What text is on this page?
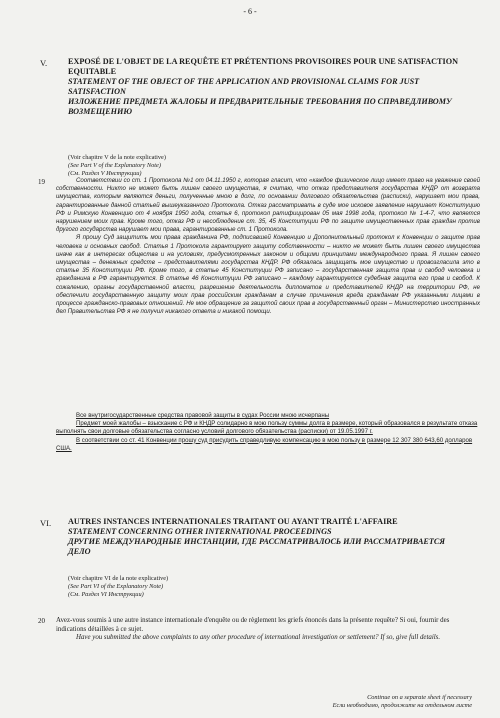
- 6 -
V.	EXPOSÉ DE L'OBJET DE LA REQUÊTE ET PRÉTENTIONS PROVISOIRES POUR UNE SATISFACTION EQUITABLE
STATEMENT OF THE OBJECT OF THE APPLICATION AND PROVISIONAL CLAIMS FOR JUST SATISFACTION
ИЗЛОЖЕНИЕ ПРЕДМЕТА ЖАЛОБЫ И ПРЕДВАРИТЕЛЬНЫЕ ТРЕБОВАНИЯ ПО СПРАВЕДЛИВОМУ ВОЗМЕЩЕНИЮ
(Voir chapitre V de la note explicative)
(See Part V of the Explanatory Note)
(См. Раздел V Инструкции)
19	Соответствии со ст. 1 Протокола №1 от 04.11.1950 г, которая гласит, что «каждое физическое лицо имеет право на уважение своей собственности. Никто не может быть лишен своего имущества, я считаю, что отказ представителя государства КНДР от возврата имущества, которым являются деньги, полученные мною в долг, по основании долгового обязательства (расписки), нарушает мои права, гарантированные данной статьей вышеуказанного Протокола. Отказ рассматривать в суде мое исковое заявление нарушает Конституцию РФ и Римскую Конвенцию от 4 ноября 1950 года, статья 6, протокол ратифицирован 05 мая 1998 года, протокол № 1-4-7, что является нарушением моих прав. Кроме того, отказ РФ и несоблюдение ст. 35, 45 Конституции РФ по защите имущественных прав граждан против другого государства нарушает мои права, гарантированные ст. 1 Протокола.

Я прошу Суд защитить мои права гражданина РФ, подписавшей Конвенцию и Дополнительный протокол к Конвенции о защите прав человека и основных свобод. Статья 1 Протокола гарантирует защиту собственности – никто не может быть лишен своего имущества иначе как в интересах общества и на условиях, предусмотренных законом и общими принципами международного права. Я лишен своего имущества – денежных средств – представителями государства КНДР. РФ обязалась защищать мое имущество и провозгласила это в статье 35 Конституции РФ. Кроме того, в статье 45 Конституции РФ записано – государственная защита прав и свобод человека и гражданина в РФ гарантируется. В статье 46 Конституции РФ записано – каждому гарантируется судебная защита его прав и свобод. К сожалению, органы государственной власти, разрешение деятельность дипломатов и представителей КНДР на территории РФ, не обеспечили государственную защиту моих прав российским гражданам в случае причинения вреда гражданам РФ указанными лицами в процессе гражданско-правовых отношений. Не мое обращение за защитой своих прав в государственный орган – Министерство иностранных дел Правительства РФ я не получил никакого ответа и никакой помощи.

Все внутригосударственные средства правовой защиты в судах России мною исчерпаны

Предмет моей жалобы – взыскание с РФ и КНДР солидарно в мою пользу суммы долга в размере, который образовался в результате отказа выполнять свои долговые обязательства согласно условий долгового обязательства (расписки) от 19.05.1997 г.

В соответствии со ст. 41 Конвенции прошу суд присудить справедливую компенсацию в мою пользу в размере 12 307 380 643,60 долларов США.

VI. AUTRES INSTANCES INTERNATIONALES TRAITANT OU AYANT TRAITÉ L'AFFAIRE
STATEMENT CONCERNING OTHER INTERNATIONAL PROCEEDINGS
ДРУГИЕ МЕЖДУНАРОДНЫЕ ИНСТАНЦИИ, ГДЕ РАССМАТРИВАЛОСЬ ИЛИ РАССМАТРИВАЕТСЯ ДЕЛО
(Voir chapitre VI de la note explicative)
(See Part VI of the Explanatory Note)
(См. Раздел VI Инструкции)
20 Avez-vous soumis à une autre instance internationale d'enquête ou de règlement les griefs énoncés dans la présente requête? Si oui, fournir des indications détaillées à ce sujet.
Have you submitted the above complaints to any other procedure of international investigation or settlement? If so, give full details.
Continue on a separate sheet if necessary
Если необходимо, продолжите на отдельном листе
